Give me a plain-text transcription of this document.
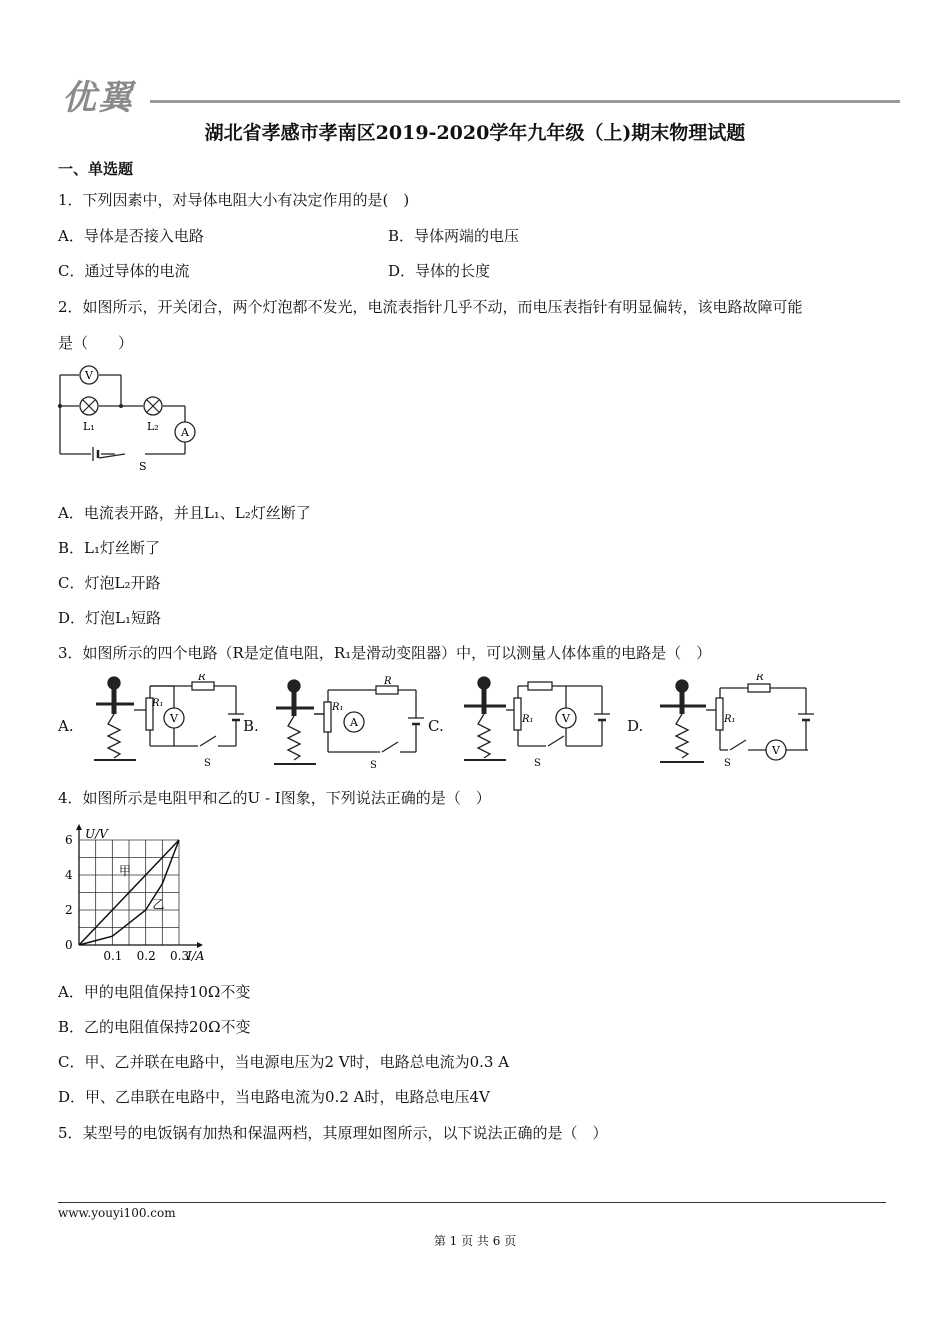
优翼
湖北省孝感市孝南区2019-2020学年九年级（上)期末物理试题
一、单选题
1．下列因素中，对导体电阻大小有决定作用的是(　)
A．导体是否接入电路	B．导体两端的电压
C．通过导体的电流	D．导体的长度
2．如图所示，开关闭合，两个灯泡都不发光，电流表指针几乎不动，而电压表指针有明显偏转，该电路故障可能
是（　　）
V
A
L₁	L₂
S
A．电流表开路，并且L₁、L₂灯丝断了
B．L₁灯丝断了
C．灯泡L₂开路
D．灯泡L₁短路
3．如图所示的四个电路（R是定值电阻，R₁是滑动变阻器）中，可以测量人体体重的电路是（　）
A.	B.	C.	D.
V
R
R₁
S
A
R
R₁
S
V
R₁
S
V
R
R₁
S
4．如图所示是电阻甲和乙的U - I图象，下列说法正确的是（　）
0
2
4
6
0.1 0.2 0.3
U/V
I/A
甲
乙
A．甲的电阻值保持10Ω不变
B．乙的电阻值保持20Ω不变
C．甲、乙并联在电路中，当电源电压为2 V时，电路总电流为0.3 A
D．甲、乙串联在电路中，当电路电流为0.2 A时，电路总电压4V
5．某型号的电饭锅有加热和保温两档，其原理如图所示，以下说法正确的是（　）
www.youyi100.com
第 1 页 共 6 页
